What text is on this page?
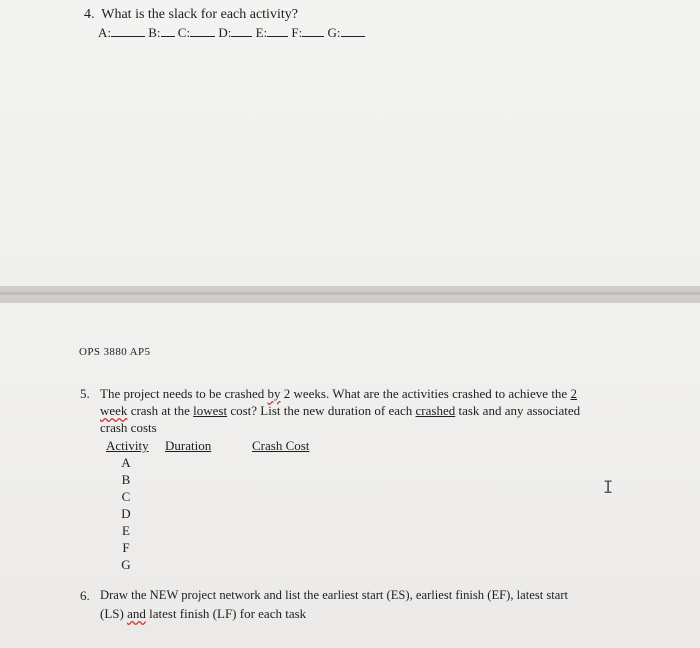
4. What is the slack for each activity?
A:	B: C: D: E: F: G:
OPS 3880 AP5
5. The project needs to be crashed by 2 weeks. What are the activities crashed to achieve the 2
week crash at the lowest cost? List the new duration of each crashed task and any associated
crash costs
Activity Duration	Crash Cost
A
B
C
D
E
F
G
I
6. Draw the NEW project network and list the earliest start (ES), earliest finish (EF), latest start
(LS) and latest finish (LF) for each task
